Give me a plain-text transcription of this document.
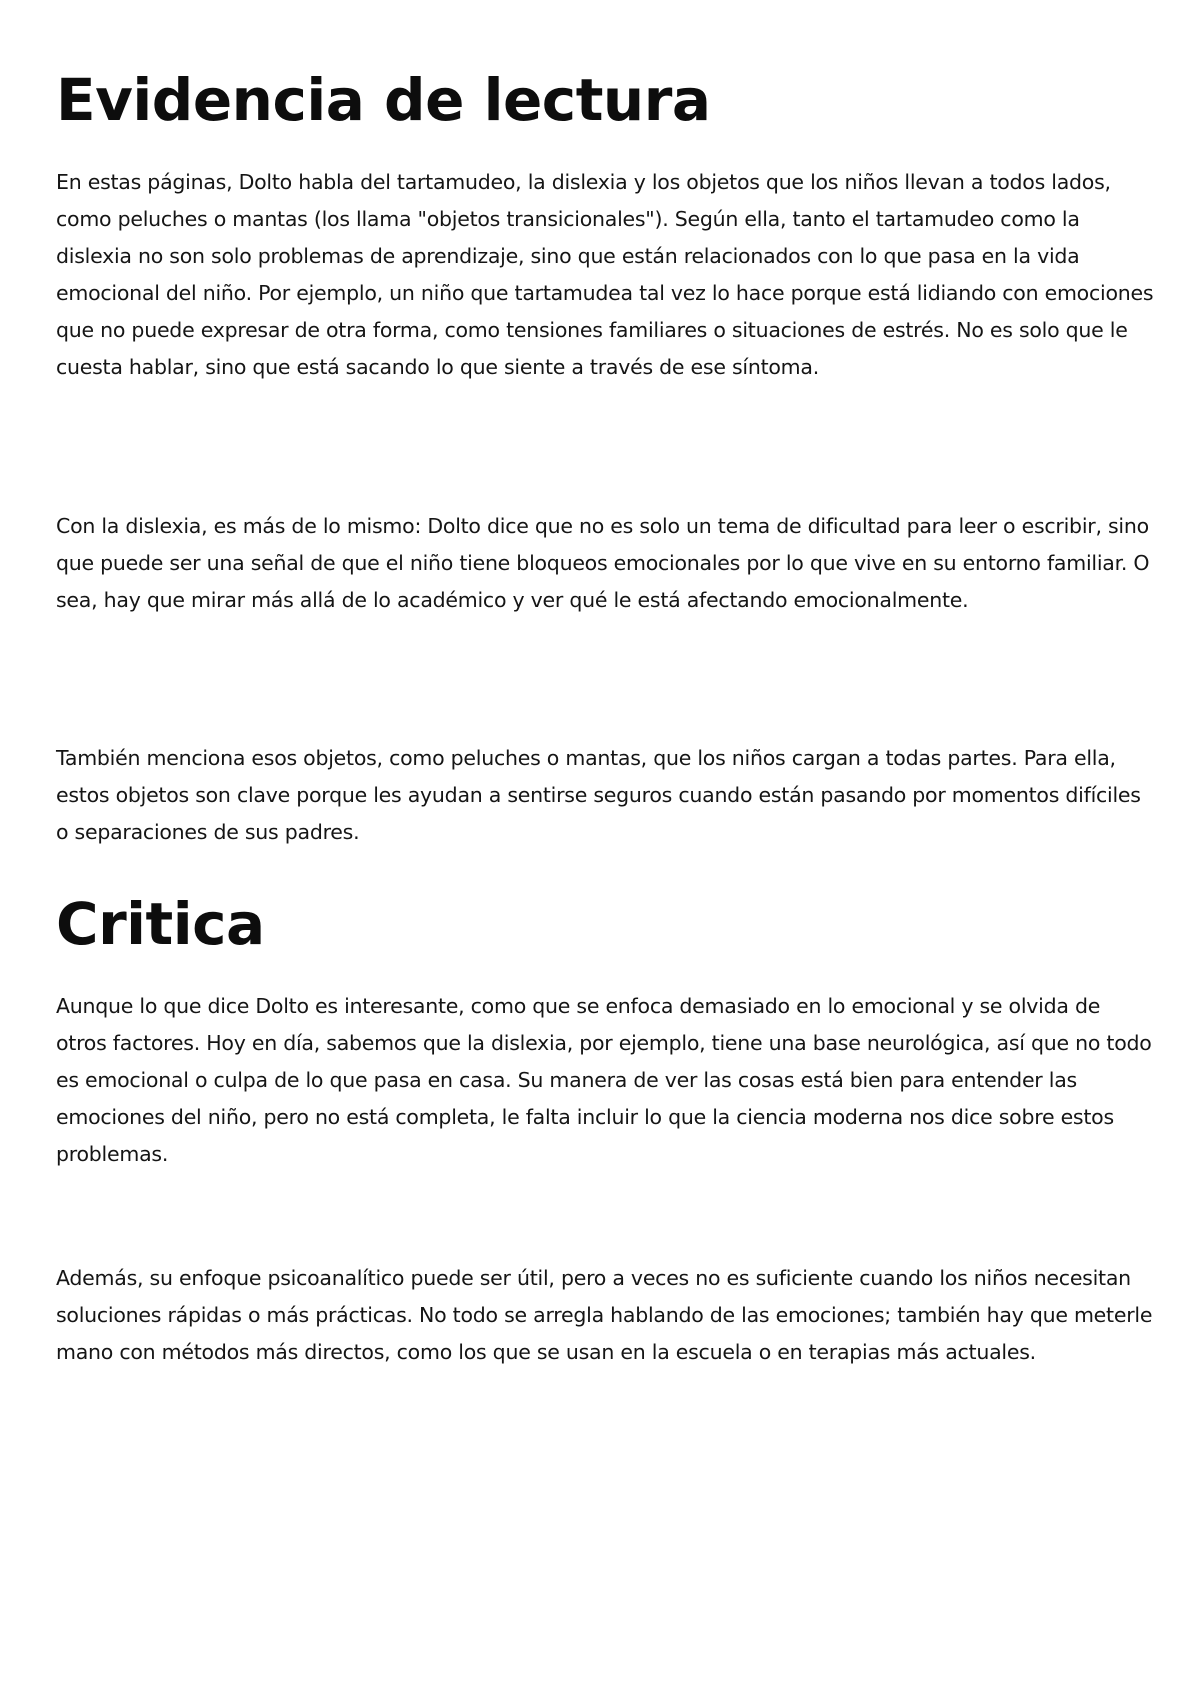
Evidencia de lectura

En estas páginas, Dolto habla del tartamudeo, la dislexia y los objetos que los niños llevan a todos lados, como peluches o mantas (los llama "objetos transicionales"). Según ella, tanto el tartamudeo como la dislexia no son solo problemas de aprendizaje, sino que están relacionados con lo que pasa en la vida emocional del niño. Por ejemplo, un niño que tartamudea tal vez lo hace porque está lidiando con emociones que no puede expresar de otra forma, como tensiones familiares o situaciones de estrés. No es solo que le cuesta hablar, sino que está sacando lo que siente a través de ese síntoma.

Con la dislexia, es más de lo mismo: Dolto dice que no es solo un tema de dificultad para leer o escribir, sino que puede ser una señal de que el niño tiene bloqueos emocionales por lo que vive en su entorno familiar. O sea, hay que mirar más allá de lo académico y ver qué le está afectando emocionalmente.

También menciona esos objetos, como peluches o mantas, que los niños cargan a todas partes. Para ella, estos objetos son clave porque les ayudan a sentirse seguros cuando están pasando por momentos difíciles o separaciones de sus padres.

Critica

Aunque lo que dice Dolto es interesante, como que se enfoca demasiado en lo emocional y se olvida de otros factores. Hoy en día, sabemos que la dislexia, por ejemplo, tiene una base neurológica, así que no todo es emocional o culpa de lo que pasa en casa. Su manera de ver las cosas está bien para entender las emociones del niño, pero no está completa, le falta incluir lo que la ciencia moderna nos dice sobre estos problemas.

Además, su enfoque psicoanalítico puede ser útil, pero a veces no es suficiente cuando los niños necesitan soluciones rápidas o más prácticas. No todo se arregla hablando de las emociones; también hay que meterle mano con métodos más directos, como los que se usan en la escuela o en terapias más actuales.
